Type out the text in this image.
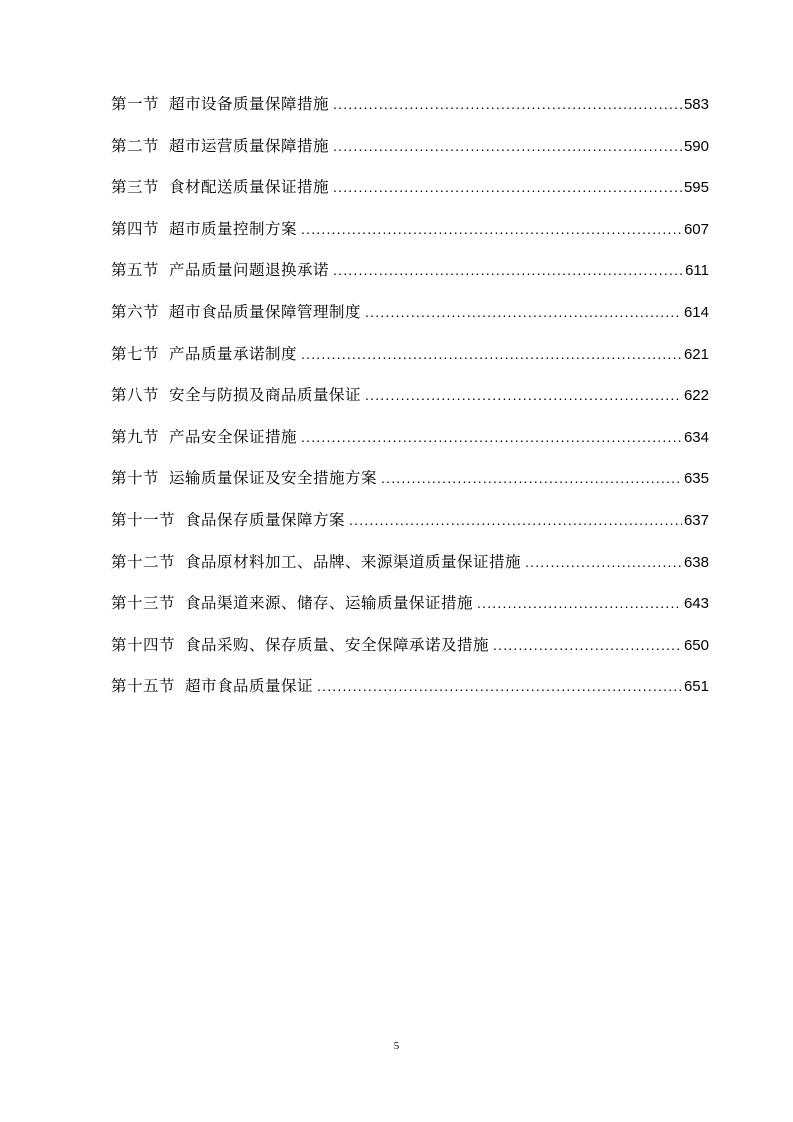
第一节 超市设备质量保障措施 .....	583
第二节 超市运营质量保障措施 .....	590
第三节 食材配送质量保证措施 .....	595
第四节 超市质量控制方案 .....	607
第五节 产品质量问题退换承诺 .....	611
第六节 超市食品质量保障管理制度 .....	614
第七节 产品质量承诺制度 .....	621
第八节 安全与防损及商品质量保证 .....	622
第九节 产品安全保证措施 .....	634
第十节 运输质量保证及安全措施方案 .....	635
第十一节 食品保存质量保障方案 .....	637
第十二节 食品原材料加工、品牌、来源渠道质量保证措施 .....	638
第十三节 食品渠道来源、储存、运输质量保证措施 .....	643
第十四节 食品采购、保存质量、安全保障承诺及措施 .....	650
第十五节 超市食品质量保证 .....	651
5
